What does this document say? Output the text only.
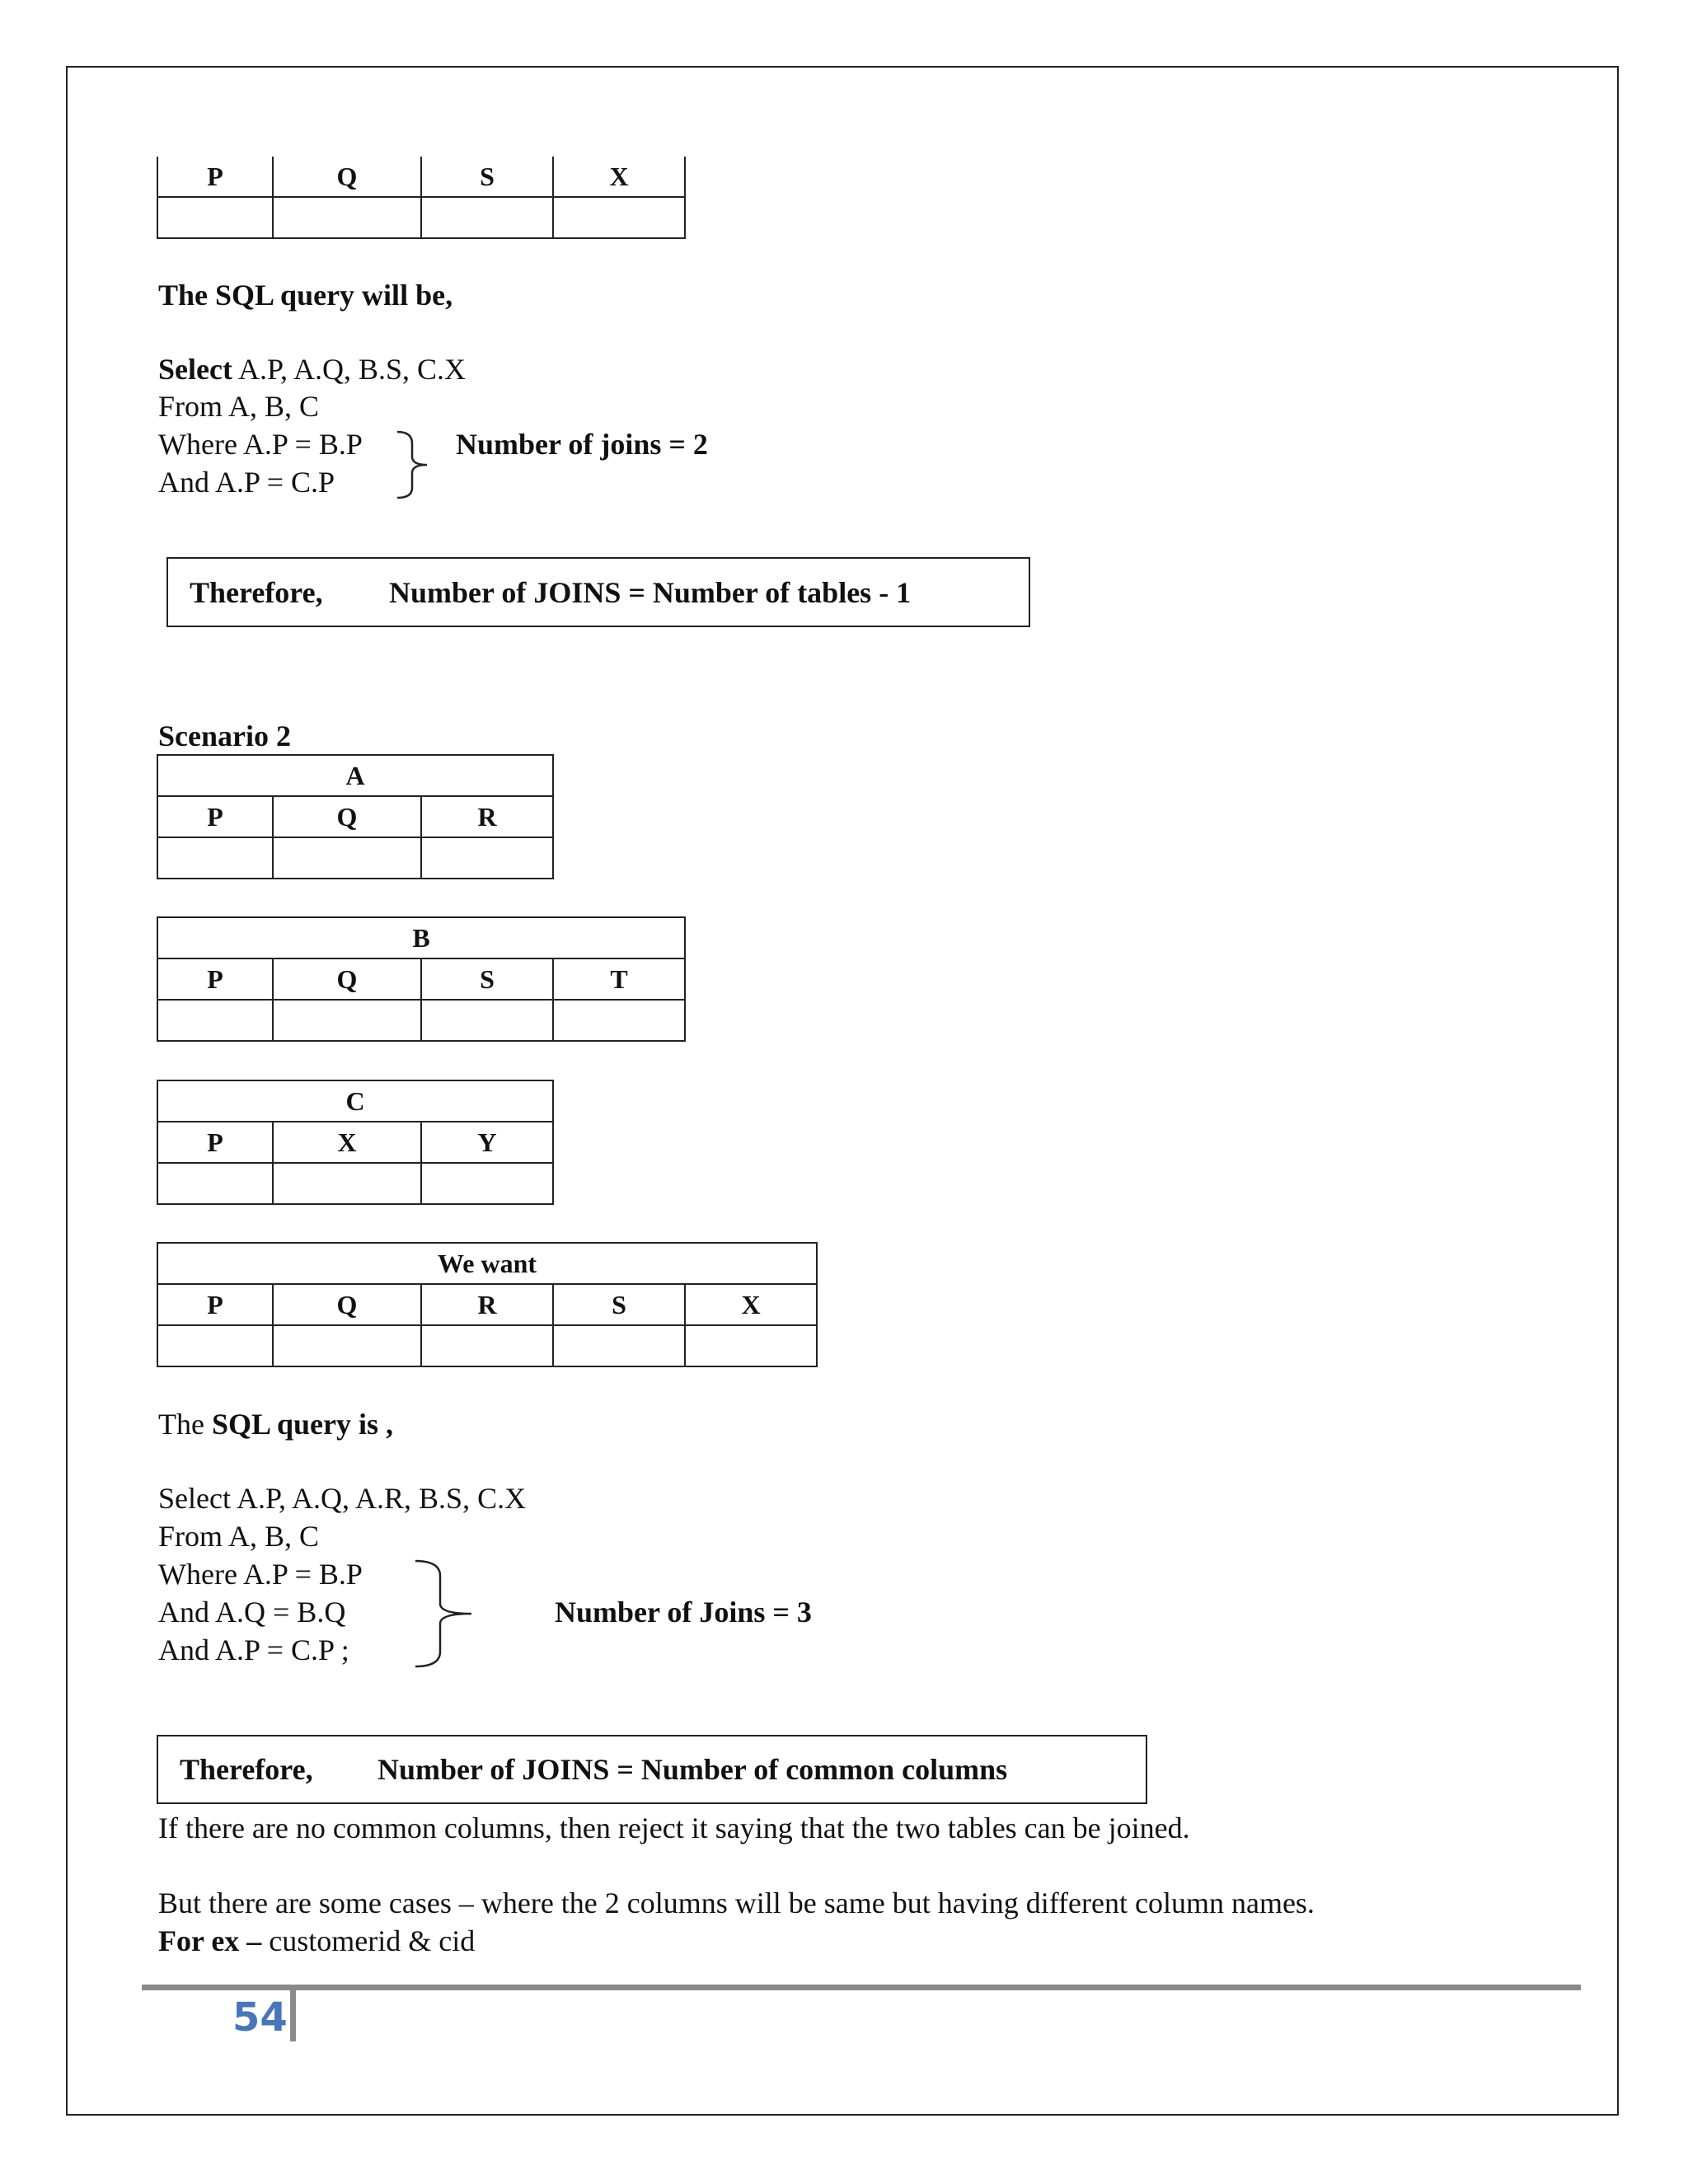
P	Q	S	X

The SQL query will be,
Select A.P, A.Q, B.S, C.X
From A, B, C
Where A.P = B.P
And A.P = C.P
Number of joins = 2
Therefore, Number of JOINS = Number of tables - 1
Scenario 2
A		
P	Q	R

B			
P	Q	S	T

C		
P	X	Y

We want				
P	Q	R	S	X

The SQL query is ,
Select A.P, A.Q, A.R, B.S, C.X
From A, B, C
Where A.P = B.P
And A.Q = B.Q
And A.P = C.P ;
Number of Joins = 3
Therefore, Number of JOINS = Number of common columns
If there are no common columns, then reject it saying that the two tables can be joined.
But there are some cases – where the 2 columns will be same but having different column names.
For ex – customerid & cid
54
